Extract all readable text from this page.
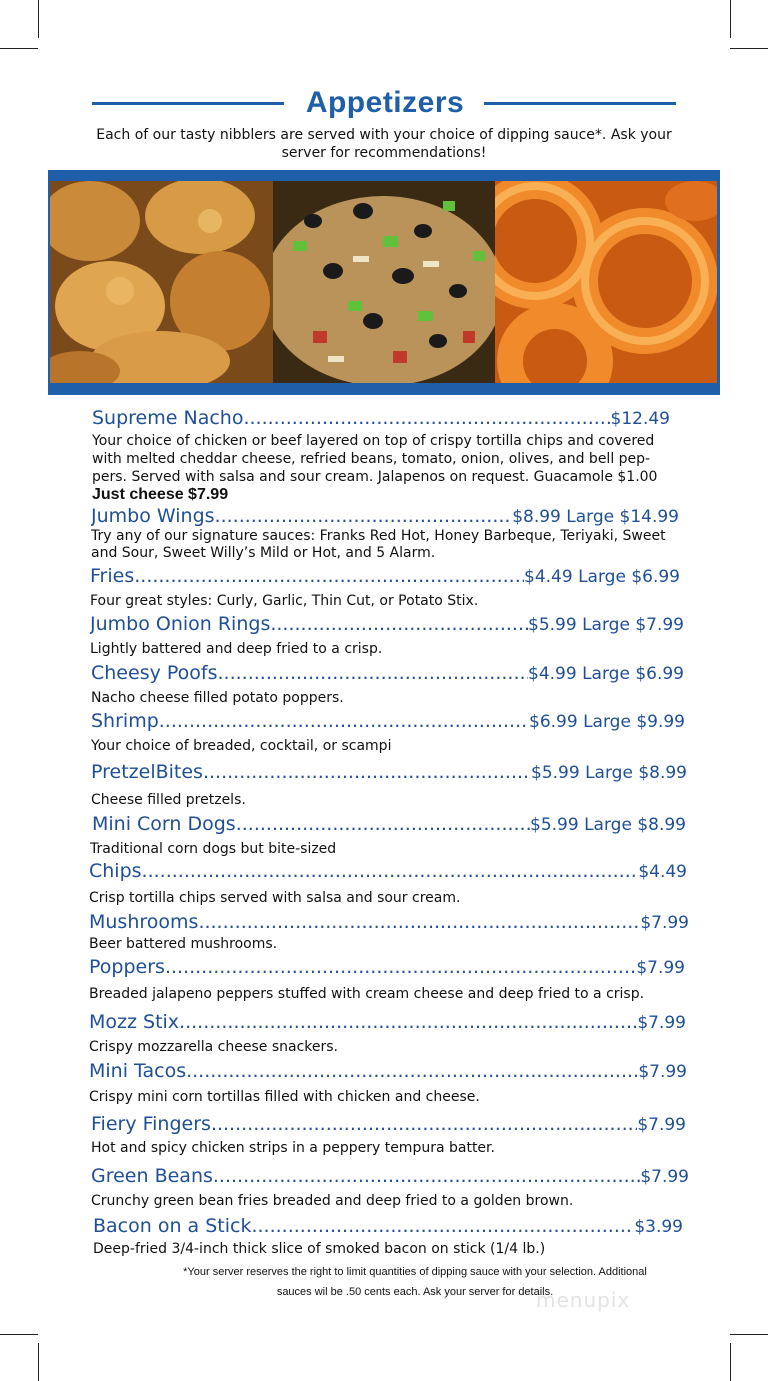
Appetizers
Each of our tasty nibblers are served with your choice of dipping sauce*. Ask your server for recommendations!
Supreme Nacho .....	$12.49
Your choice of chicken or beef layered on top of crispy tortilla chips and covered with melted cheddar cheese, refried beans, tomato, onion, olives, and bell pep-pers. Served with salsa and sour cream. Jalapenos on request. Guacamole $1.00 Just cheese $7.99
Jumbo Wings .....	$8.99 Large $14.99
Try any of our signature sauces: Franks Red Hot, Honey Barbeque, Teriyaki, Sweet and Sour, Sweet Willy’s Mild or Hot, and 5 Alarm.
Fries .....	$4.49 Large $6.99
Four great styles: Curly, Garlic, Thin Cut, or Potato Stix.
Jumbo Onion Rings .....	$5.99 Large $7.99
Lightly battered and deep fried to a crisp.
Cheesy Poofs .....	$4.99 Large $6.99
Nacho cheese filled potato poppers.
Shrimp .....	$6.99 Large $9.99
Your choice of breaded, cocktail, or scampi
PretzelBites .....	$5.99 Large $8.99
Cheese filled pretzels.
Mini Corn Dogs .....	$5.99 Large $8.99
Traditional corn dogs but bite-sized
Chips .....	$4.49
Crisp tortilla chips served with salsa and sour cream.
Mushrooms .....	$7.99
Beer battered mushrooms.
Poppers .....	$7.99
Breaded jalapeno peppers stuffed with cream cheese and deep fried to a crisp.
Mozz Stix .....	$7.99
Crispy mozzarella cheese snackers.
Mini Tacos... .....	$7.99
Crispy mini corn tortillas filled with chicken and cheese.
Fiery Fingers .....	$7.99
Hot and spicy chicken strips in a peppery tempura batter.
Green Beans .....	$7.99
Crunchy green bean fries breaded and deep fried to a golden brown.
Bacon on a Stick .....	$3.99
Deep-fried 3/4-inch thick slice of smoked bacon on stick (1/4 lb.)
*Your server reserves the right to limit quantities of dipping sauce with your selection. Additional
sauces wil be .50 cents each. Ask your server for details.
menupix
